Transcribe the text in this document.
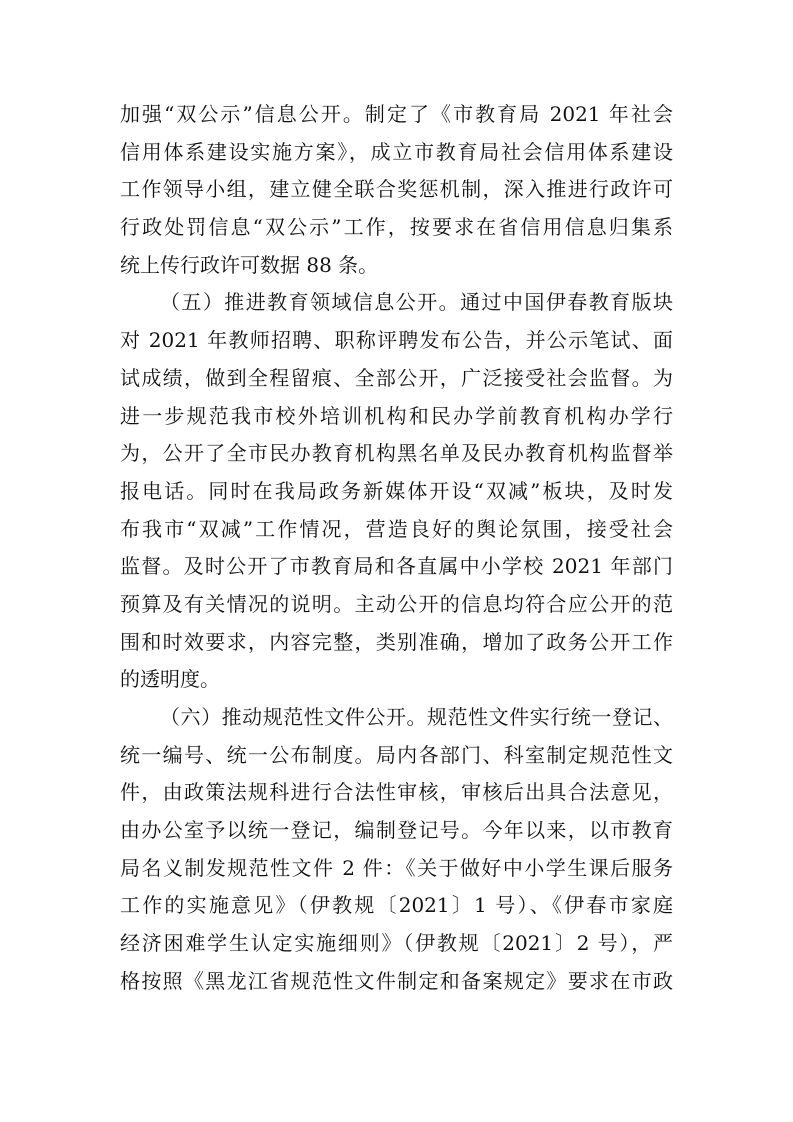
加强“双公示”信息公开。制定了《市教育局 2021 年社会
信用体系建设实施方案》，成立市教育局社会信用体系建设
工作领导小组，建立健全联合奖惩机制，深入推进行政许可
行政处罚信息“双公示”工作，按要求在省信用信息归集系
统上传行政许可数据 88 条。
（五）推进教育领域信息公开。通过中国伊春教育版块
对 2021 年教师招聘、职称评聘发布公告，并公示笔试、面
试成绩，做到全程留痕、全部公开，广泛接受社会监督。为
进一步规范我市校外培训机构和民办学前教育机构办学行
为，公开了全市民办教育机构黑名单及民办教育机构监督举
报电话。同时在我局政务新媒体开设“双减”板块，及时发
布我市“双减”工作情况，营造良好的舆论氛围，接受社会
监督。及时公开了市教育局和各直属中小学校 2021 年部门
预算及有关情况的说明。主动公开的信息均符合应公开的范
围和时效要求，内容完整，类别准确，增加了政务公开工作
的透明度。
（六）推动规范性文件公开。规范性文件实行统一登记、
统一编号、统一公布制度。局内各部门、科室制定规范性文
件，由政策法规科进行合法性审核，审核后出具合法意见，
由办公室予以统一登记，编制登记号。今年以来，以市教育
局名义制发规范性文件 2 件：《关于做好中小学生课后服务
工作的实施意见》（伊教规〔2021〕1 号）、《伊春市家庭
经济困难学生认定实施细则》（伊教规〔2021〕2 号），严
格按照《黑龙江省规范性文件制定和备案规定》要求在市政
